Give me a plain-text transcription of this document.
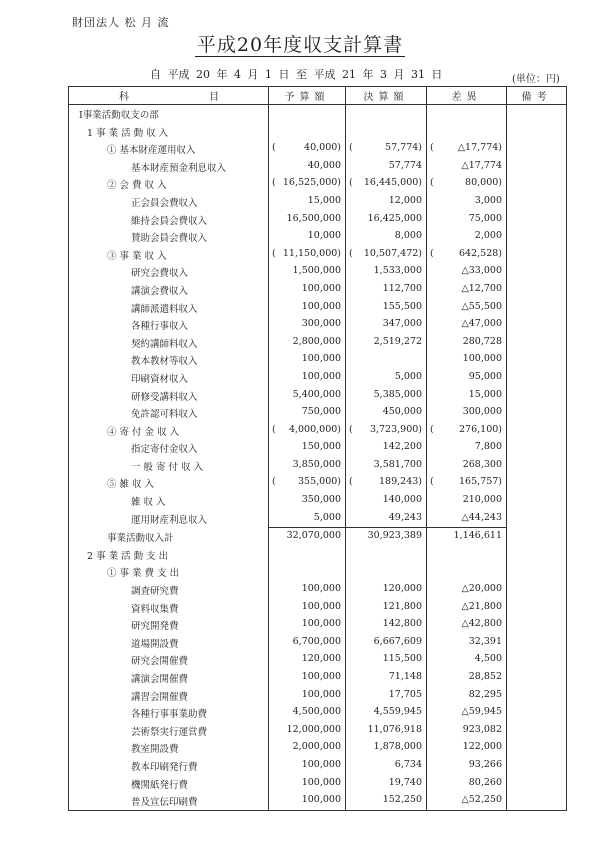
財団法人 松 月 流
平成20年度収支計算書
自 平成 20 年 4 月 1 日 至 平成 21 年 3 月 31 日	(単位：円)
科 目	予算額	決算額	差異	備考

Ⅰ事業活動収支の部				

1 事 業 活 動 収 入				

① 基本財産運用収入	( 40,000)	( 57,774)	( △17,774)	

基本財産預金利息収入	40,000	57,774	△17,774	

② 会 費 収 入	( 16,525,000)	( 16,445,000)	( 80,000)	

正会員会費収入	15,000	12,000	3,000	

維持会員会費収入	16,500,000	16,425,000	75,000	

賛助会員会費収入	10,000	8,000	2,000	

③ 事 業 収 入	( 11,150,000)	( 10,507,472)	( 642,528)	

研究会費収入	1,500,000	1,533,000	△33,000	

講演会費収入	100,000	112,700	△12,700	

講師派遣料収入	100,000	155,500	△55,500	

各種行事収入	300,000	347,000	△47,000	

契約講師料収入	2,800,000	2,519,272	280,728	

教本教材等収入	100,000		100,000	

印刷資材収入	100,000	5,000	95,000	

研修受講料収入	5,400,000	5,385,000	15,000	

免許認可料収入	750,000	450,000	300,000	

④ 寄 付 金 収 入	( 4,000,000)	( 3,723,900)	( 276,100)	

指定寄付金収入	150,000	142,200	7,800	

一 般 寄 付 収 入	3,850,000	3,581,700	268,300	

⑤ 雑 収 入	( 355,000)	( 189,243)	( 165,757)	

雑 収 入	350,000	140,000	210,000	

運用財産利息収入	5,000	49,243	△44,243	

事業活動収入計	32,070,000	30,923,389	1,146,611	

2 事 業 活 動 支 出				

① 事 業 費 支 出				

調査研究費	100,000	120,000	△20,000	

資料収集費	100,000	121,800	△21,800	

研究開発費	100,000	142,800	△42,800	

道場開設費	6,700,000	6,667,609	32,391	

研究会開催費	120,000	115,500	4,500	

講演会開催費	100,000	71,148	28,852	

講習会開催費	100,000	17,705	82,295	

各種行事事業助費	4,500,000	4,559,945	△59,945	

芸術祭実行運営費	12,000,000	11,076,918	923,082	

教室開設費	2,000,000	1,878,000	122,000	

教本印刷発行費	100,000	6,734	93,266	

機関紙発行費	100,000	19,740	80,260	

普及宣伝印刷費	100,000	152,250	△52,250	
